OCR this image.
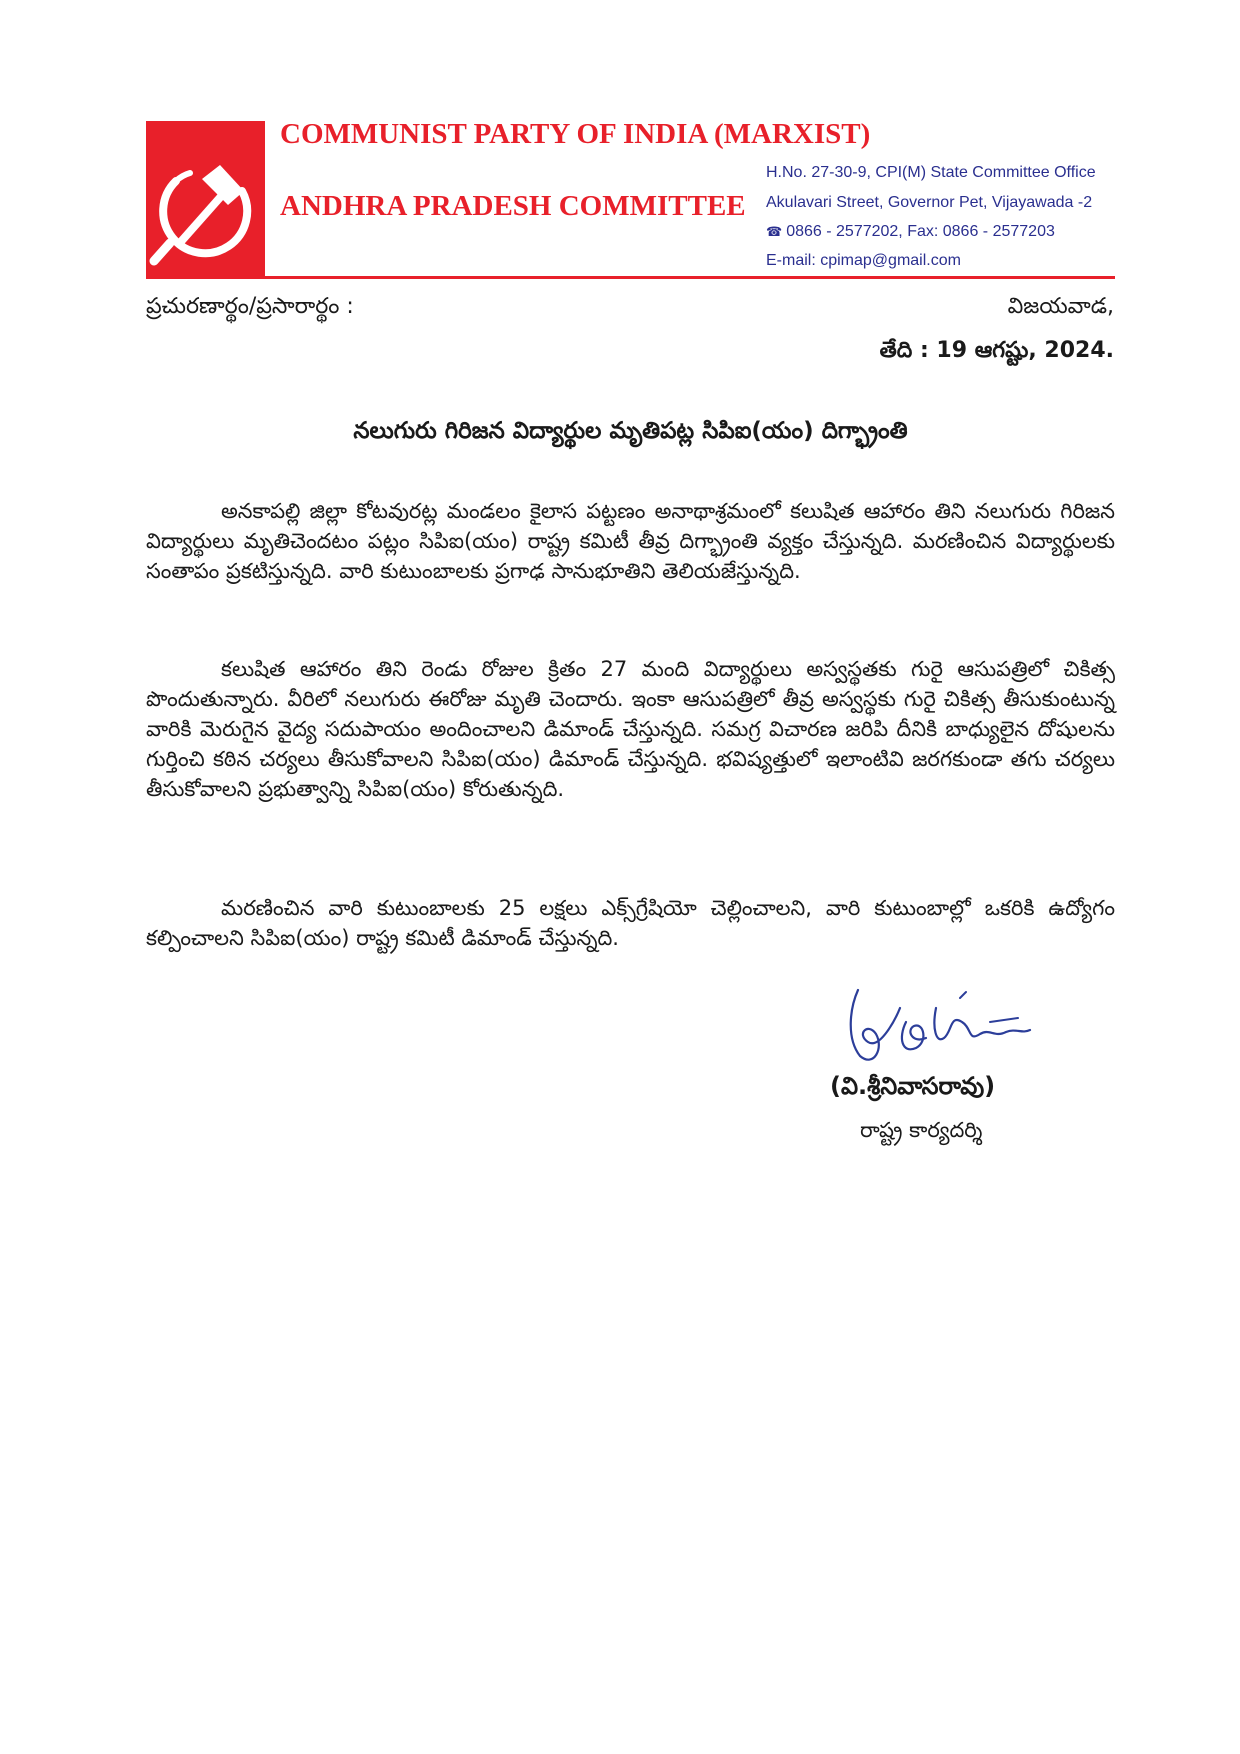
COMMUNIST PARTY OF INDIA (MARXIST)
ANDHRA PRADESH COMMITTEE
H.No. 27-30-9, CPI(M) State Committee Office
Akulavari Street, Governor Pet, Vijayawada -2
☎ 0866 - 2577202, Fax: 0866 - 2577203
E-mail: cpimap@gmail.com
ప్రచురణార్థం/ప్రసారార్థం :	విజయవాడ,
తేది : 19 ఆగష్టు, 2024.
నలుగురు గిరిజన విద్యార్థుల మృతిపట్ల సిపిఐ(యం) దిగ్భ్రాంతి

అనకాపల్లి జిల్లా కోటవురట్ల మండలం కైలాస పట్టణం అనాథాశ్రమంలో కలుషిత ఆహారం తిని నలుగురు గిరిజన విద్యార్థులు మృతిచెందటం పట్లం సిపిఐ(యం) రాష్ట్ర కమిటీ తీవ్ర దిగ్భ్రాంతి వ్యక్తం చేస్తున్నది. మరణించిన విద్యార్థులకు సంతాపం ప్రకటిస్తున్నది. వారి కుటుంబాలకు ప్రగాఢ సానుభూతిని తెలియజేస్తున్నది.

కలుషిత ఆహారం తిని రెండు రోజుల క్రితం 27 మంది విద్యార్థులు అస్వస్థతకు గురై ఆసుపత్రిలో చికిత్స పొందుతున్నారు. వీరిలో నలుగురు ఈరోజు మృతి చెందారు. ఇంకా ఆసుపత్రిలో తీవ్ర అస్వస్థకు గురై చికిత్స తీసుకుంటున్న వారికి మెరుగైన వైద్య సదుపాయం అందించాలని డిమాండ్ చేస్తున్నది. సమగ్ర విచారణ జరిపి దీనికి బాధ్యులైన దోషులను గుర్తించి కఠిన చర్యలు తీసుకోవాలని సిపిఐ(యం) డిమాండ్ చేస్తున్నది. భవిష్యత్తులో ఇలాంటివి జరగకుండా తగు చర్యలు తీసుకోవాలని ప్రభుత్వాన్ని సిపిఐ(యం) కోరుతున్నది.

మరణించిన వారి కుటుంబాలకు 25 లక్షలు ఎక్స్‌గ్రేషియో చెల్లించాలని, వారి కుటుంబాల్లో ఒకరికి ఉద్యోగం కల్పించాలని సిపిఐ(యం) రాష్ట్ర కమిటీ డిమాండ్ చేస్తున్నది.

(వి.శ్రీనివాసరావు)
రాష్ట్ర కార్యదర్శి
